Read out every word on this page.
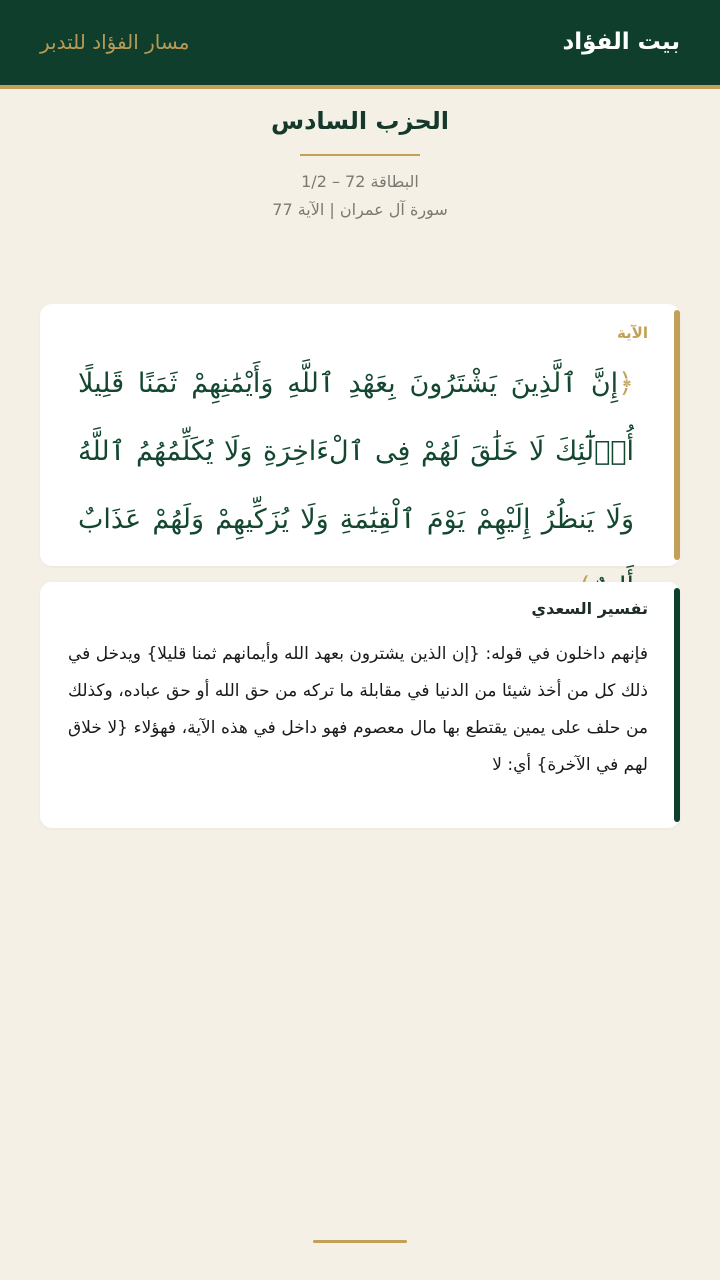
بيت الفؤاد
مسار الفؤاد للتدبر
الحزب السادس
البطاقة 72 – 1/2
سورة آل عمران | الآية 77
الآية
﴿إِنَّ ٱلَّذِينَ يَشْتَرُونَ بِعَهْدِ ٱللَّهِ وَأَيْمَٰنِهِمْ ثَمَنًا قَلِيلًا أُو۟لَٰٓئِكَ لَا خَلَٰقَ لَهُمْ فِى ٱلْءَاخِرَةِ وَلَا يُكَلِّمُهُمُ ٱللَّهُ وَلَا يَنظُرُ إِلَيْهِمْ يَوْمَ ٱلْقِيَٰمَةِ وَلَا يُزَكِّيهِمْ وَلَهُمْ عَذَابٌ
تفسير السعدي
فإنهم داخلون في قوله: {إن الذين يشترون بعهد الله وأيمانهم ثمنا قليلا} ويدخل في ذلك كل من أخذ شيئا من الدنيا في مقابلة ما تركه من حق الله أو حق عباده، وكذلك من حلف على يمين يقتطع بها مال معصوم فهو داخل في هذه الآية، فهؤلاء {لا خلاق لهم في الآخرة} أي: لا
